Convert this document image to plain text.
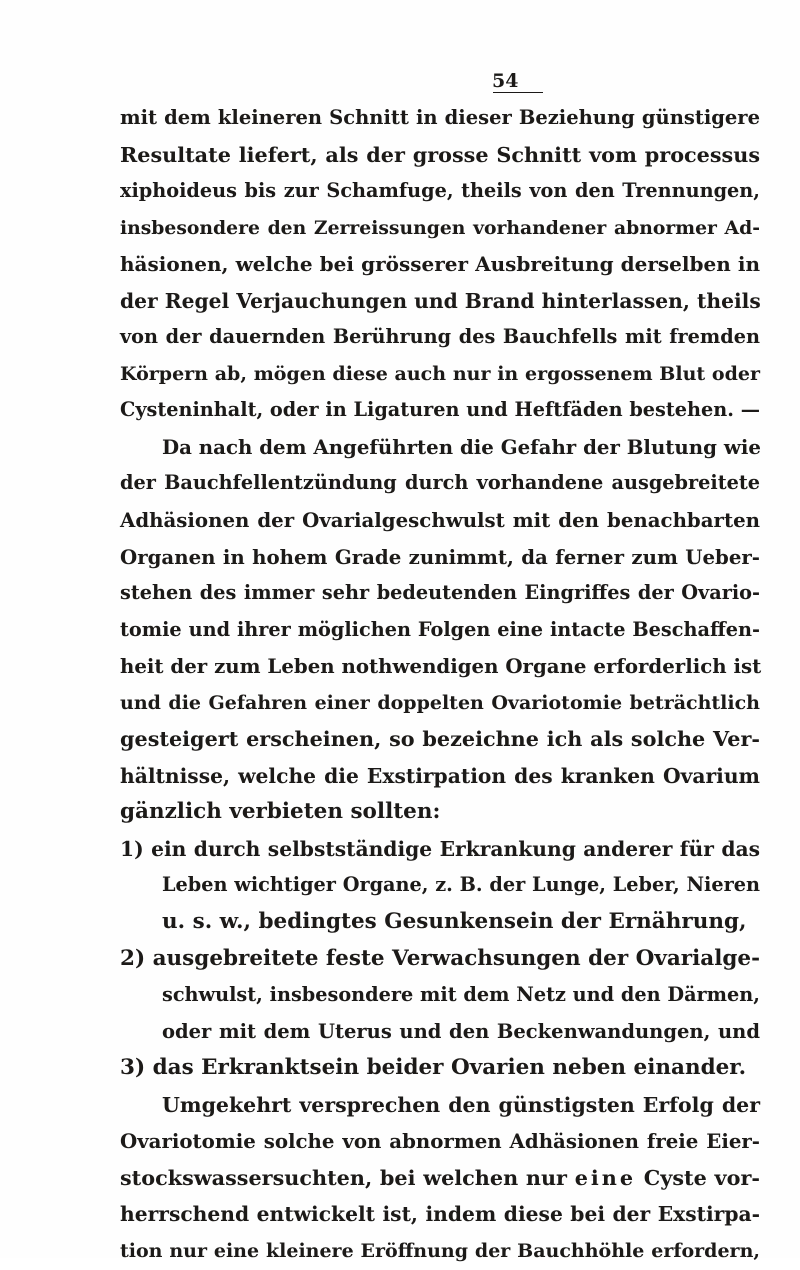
54
mit dem kleineren Schnitt in dieser Beziehung günstigere
Resultate liefert, als der grosse Schnitt vom processus
xiphoideus bis zur Schamfuge, theils von den Trennungen,
insbesondere den Zerreissungen vorhandener abnormer Ad-
häsionen, welche bei grösserer Ausbreitung derselben in
der Regel Verjauchungen und Brand hinterlassen, theils
von der dauernden Berührung des Bauchfells mit fremden
Körpern ab, mögen diese auch nur in ergossenem Blut oder
Cysteninhalt, oder in Ligaturen und Heftfäden bestehen. —
Da nach dem Angeführten die Gefahr der Blutung wie
der Bauchfellentzündung durch vorhandene ausgebreitete
Adhäsionen der Ovarialgeschwulst mit den benachbarten
Organen in hohem Grade zunimmt, da ferner zum Ueber-
stehen des immer sehr bedeutenden Eingriffes der Ovario-
tomie und ihrer möglichen Folgen eine intacte Beschaffen-
heit der zum Leben nothwendigen Organe erforderlich ist
und die Gefahren einer doppelten Ovariotomie beträchtlich
gesteigert erscheinen, so bezeichne ich als solche Ver-
hältnisse, welche die Exstirpation des kranken Ovarium
gänzlich verbieten sollten:
1) ein durch selbstständige Erkrankung anderer für das
Leben wichtiger Organe, z. B. der Lunge, Leber, Nieren
u. s. w., bedingtes Gesunkensein der Ernährung,
2) ausgebreitete feste Verwachsungen der Ovarialge-
schwulst, insbesondere mit dem Netz und den Därmen,
oder mit dem Uterus und den Beckenwandungen, und
3) das Erkranktsein beider Ovarien neben einander.
Umgekehrt versprechen den günstigsten Erfolg der
Ovariotomie solche von abnormen Adhäsionen freie Eier-
stockswassersuchten, bei welchen nur eine Cyste vor-
herrschend entwickelt ist, indem diese bei der Exstirpa-
tion nur eine kleinere Eröffnung der Bauchhöhle erfordern,
